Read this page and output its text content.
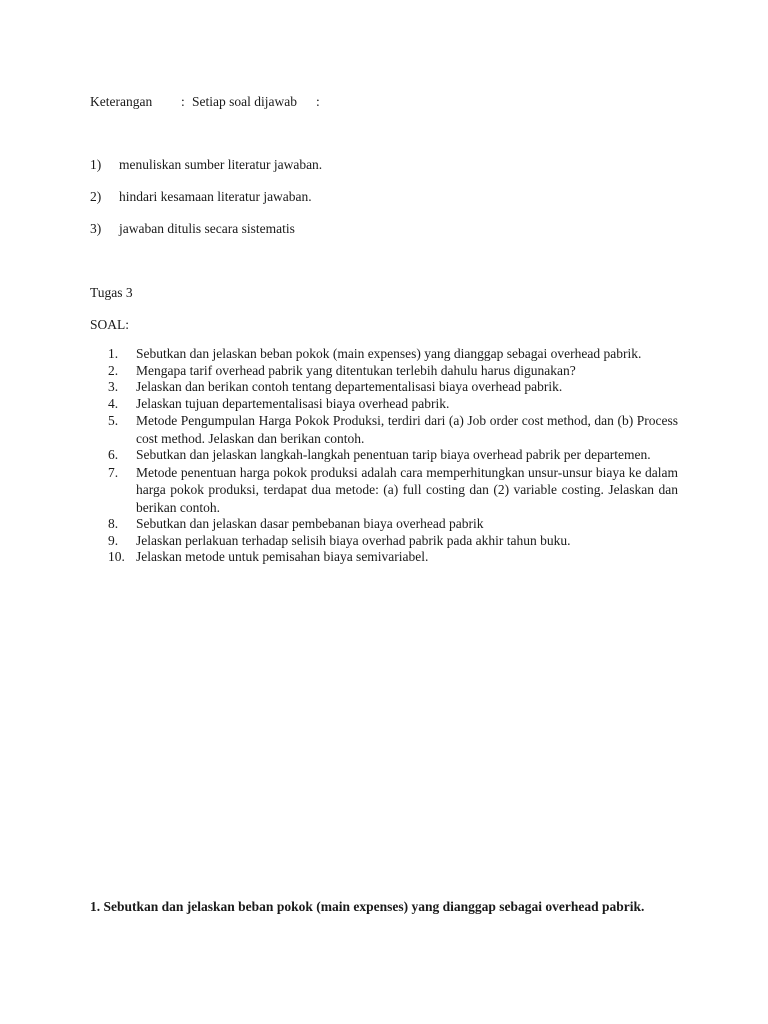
Keterangan : Setiap soal dijawab :
1) menuliskan sumber literatur jawaban.
2) hindari kesamaan literatur jawaban.
3) jawaban ditulis secara sistematis
Tugas 3
SOAL:
1. Sebutkan dan jelaskan beban pokok (main expenses) yang dianggap sebagai overhead pabrik.
2. Mengapa tarif overhead pabrik yang ditentukan terlebih dahulu harus digunakan?
3. Jelaskan dan berikan contoh tentang departementalisasi biaya overhead pabrik.
4. Jelaskan tujuan departementalisasi biaya overhead pabrik.
5. Metode Pengumpulan Harga Pokok Produksi, terdiri dari (a) Job order cost method, dan (b) Process cost method. Jelaskan dan berikan contoh.
6. Sebutkan dan jelaskan langkah-langkah penentuan tarip biaya overhead pabrik per departemen.
7. Metode penentuan harga pokok produksi adalah cara memperhitungkan unsur-unsur biaya ke dalam harga pokok produksi, terdapat dua metode: (a) full costing dan (2) variable costing. Jelaskan dan berikan contoh.
8. Sebutkan dan jelaskan dasar pembebanan biaya overhead pabrik
9. Jelaskan perlakuan terhadap selisih biaya overhad pabrik pada akhir tahun buku.
10. Jelaskan metode untuk pemisahan biaya semivariabel.
1. Sebutkan dan jelaskan beban pokok (main expenses) yang dianggap sebagai overhead pabrik.
